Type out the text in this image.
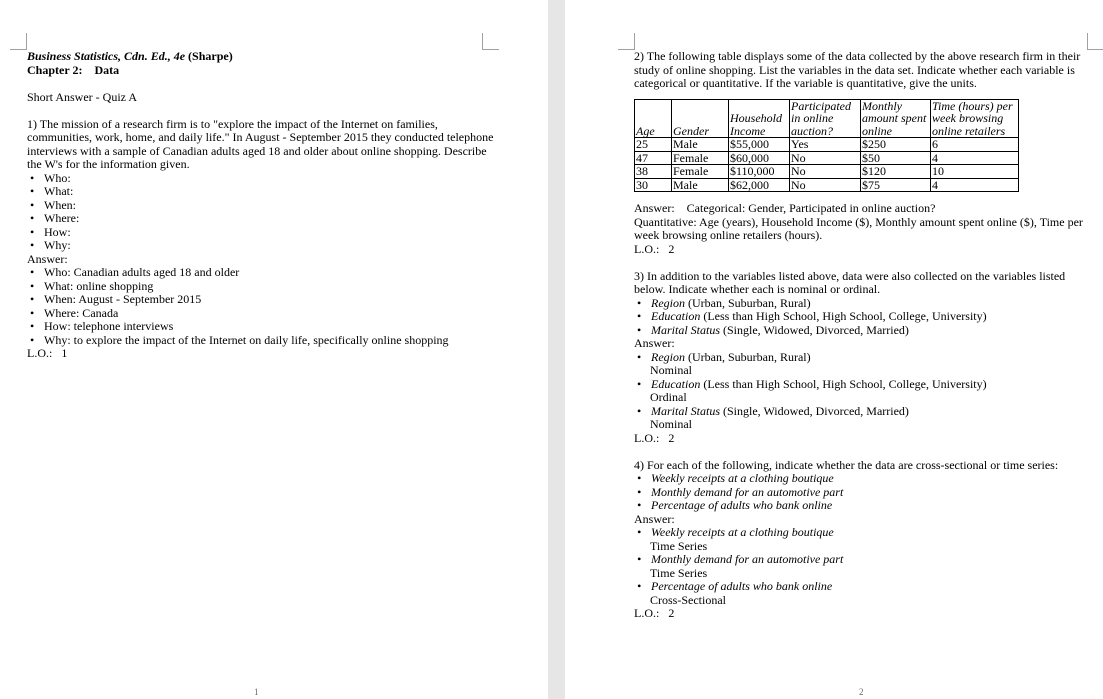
Business Statistics, Cdn. Ed., 4e (Sharpe)

Chapter 2:    Data

Short Answer - Quiz A

1) The mission of a research firm is to "explore the impact of the Internet on families, communities, work, home, and daily life." In August - September 2015 they conducted telephone interviews with a sample of Canadian adults aged 18 and older about online shopping. Describe the W's for the information given.

• Who:
• What:
• When:
• Where:
• How:
• Why:

Answer:

• Who: Canadian adults aged 18 and older
• What: online shopping
• When: August - September 2015
• Where: Canada
• How: telephone interviews
• Why: to explore the impact of the Internet on daily life, specifically online shopping

L.O.:   1

1

2) The following table displays some of the data collected by the above research firm in their study of online shopping. List the variables in the data set. Indicate whether each variable is categorical or quantitative. If the variable is quantitative, give the units.

Age	Gender	Household Income	Participated in online auction?	Monthly amount spent online	Time (hours) per week browsing online retailers
25	Male	$55,000	Yes	$250	6
47	Female	$60,000	No	$50	4
38	Female	$110,000	No	$120	10
30	Male	$62,000	No	$75	4

Answer:    Categorical: Gender, Participated in online auction?

Quantitative: Age (years), Household Income ($), Monthly amount spent online ($), Time per week browsing online retailers (hours).

L.O.:   2

3) In addition to the variables listed above, data were also collected on the variables listed below. Indicate whether each is nominal or ordinal.

• Region (Urban, Suburban, Rural)
• Education (Less than High School, High School, College, University)
• Marital Status (Single, Widowed, Divorced, Married)

Answer:

• Region (Urban, Suburban, Rural)

Nominal

• Education (Less than High School, High School, College, University)

Ordinal

• Marital Status (Single, Widowed, Divorced, Married)

Nominal

L.O.:   2

4) For each of the following, indicate whether the data are cross-sectional or time series:

• Weekly receipts at a clothing boutique
• Monthly demand for an automotive part
• Percentage of adults who bank online

Answer:

• Weekly receipts at a clothing boutique

Time Series

• Monthly demand for an automotive part

Time Series

• Percentage of adults who bank online

Cross-Sectional

L.O.:   2

2
